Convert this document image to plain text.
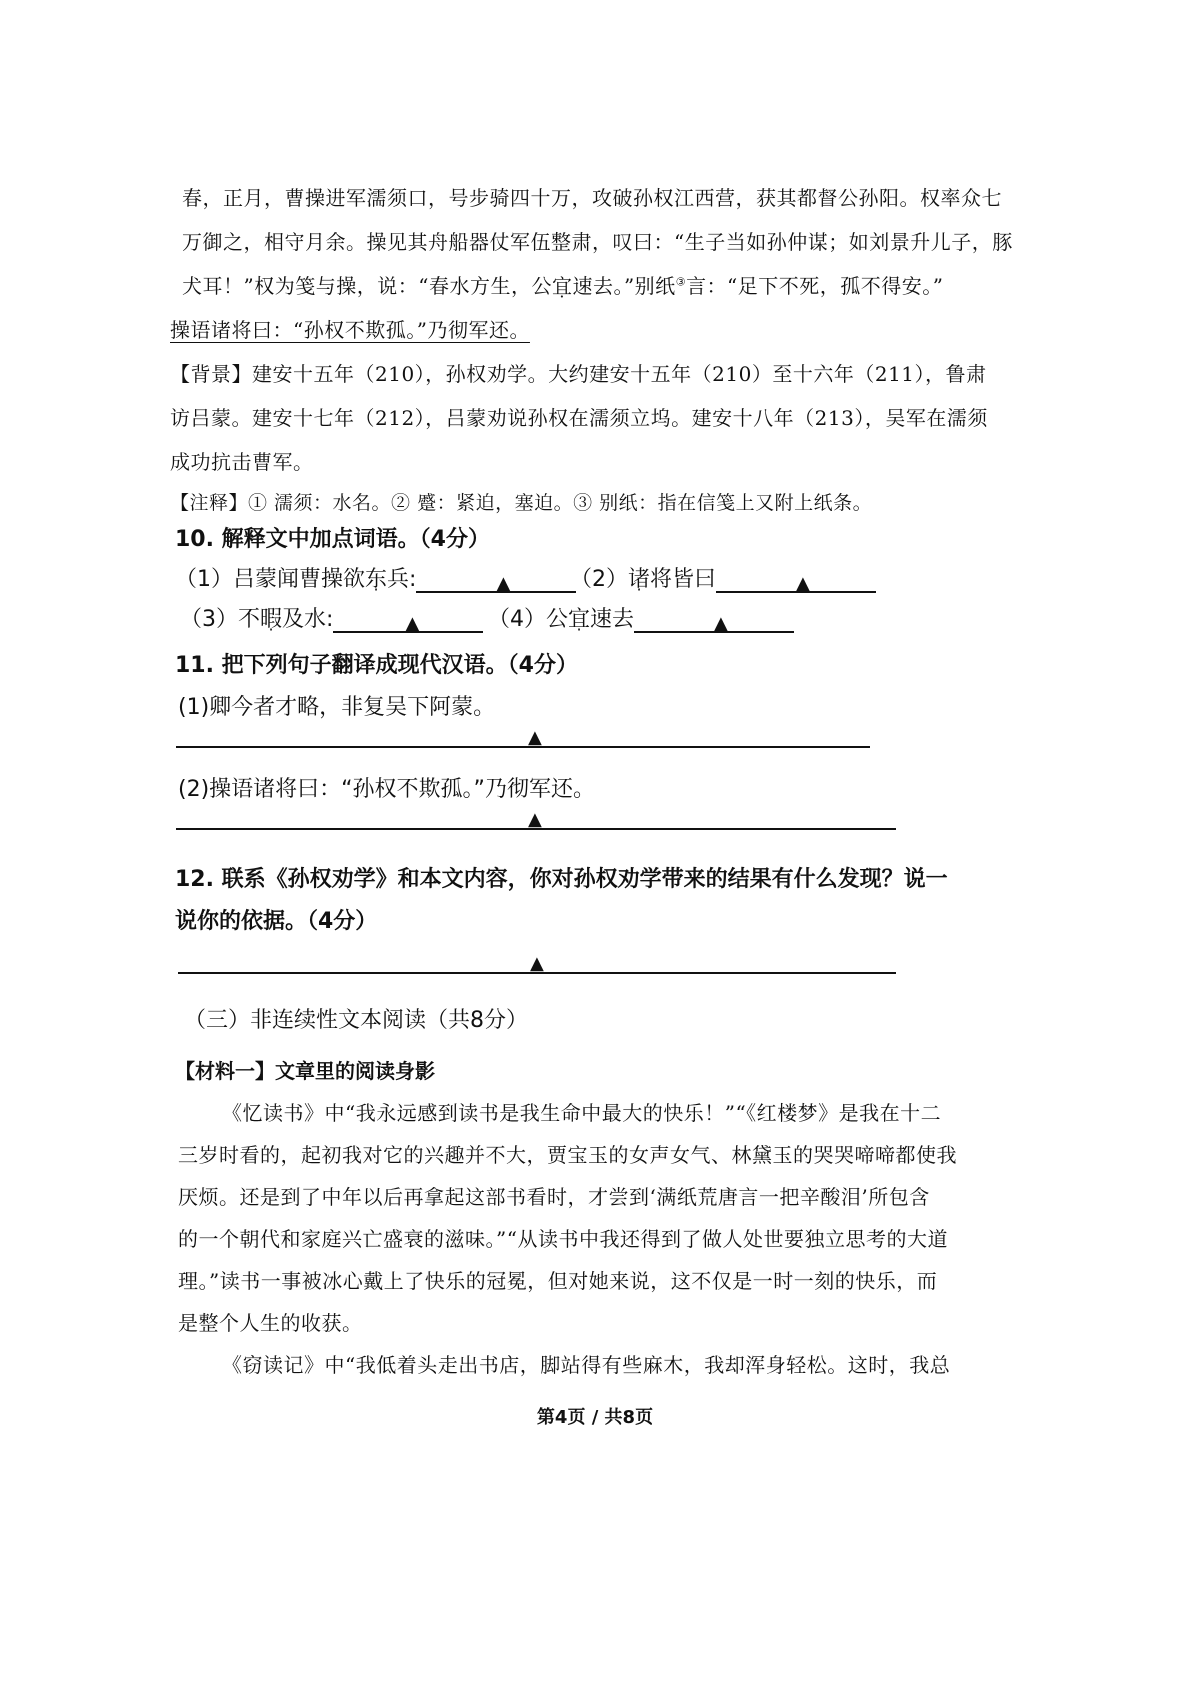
春，正月，曹操进军濡须口，号步骑四十万，攻破孙权江西营，获其都督公孙阳。权率众七
万御之，相守月余。操见其舟船器仗军伍整肃，叹曰：“生子当如孙仲谋；如刘景升儿子，豚
犬耳！”权为笺与操，说：“春水方生，公宜速去。”别纸③言：“足下不死，孤不得安。”
操语诸将曰：“孙权不欺孤。”乃彻军还。
【背景】建安十五年（210），孙权劝学。大约建安十五年（210）至十六年（211），鲁肃
访吕蒙。建安十七年（212），吕蒙劝说孙权在濡须立坞。建安十八年（213），吴军在濡须
成功抗击曹军。
【注释】① 濡须：水名。② 蹙：紧迫，塞迫。③ 别纸：指在信笺上又附上纸条。
10. 解释文中加点词语。（4分）
（1）吕蒙闻曹操欲东兵:	▲	（2）诸将皆曰	▲
（3）不暇及水:	▲	（4）公宜速去	▲
11. 把下列句子翻译成现代汉语。（4分）
(1)卿今者才略，非复吴下阿蒙。
▲
(2)操语诸将曰：“孙权不欺孤。”乃彻军还。
▲
12. 联系《孙权劝学》和本文内容，你对孙权劝学带来的结果有什么发现？说一
说你的依据。（4分）
▲
（三）非连续性文本阅读（共8分）
【材料一】文章里的阅读身影
《忆读书》中“我永远感到读书是我生命中最大的快乐！”“《红楼梦》是我在十二
三岁时看的，起初我对它的兴趣并不大，贾宝玉的女声女气、林黛玉的哭哭啼啼都使我
厌烦。还是到了中年以后再拿起这部书看时，才尝到‘满纸荒唐言一把辛酸泪’所包含
的一个朝代和家庭兴亡盛衰的滋味。”“从读书中我还得到了做人处世要独立思考的大道
理。”读书一事被冰心戴上了快乐的冠冕，但对她来说，这不仅是一时一刻的快乐，而
是整个人生的收获。
《窃读记》中“我低着头走出书店，脚站得有些麻木，我却浑身轻松。这时，我总
第4页 / 共8页
